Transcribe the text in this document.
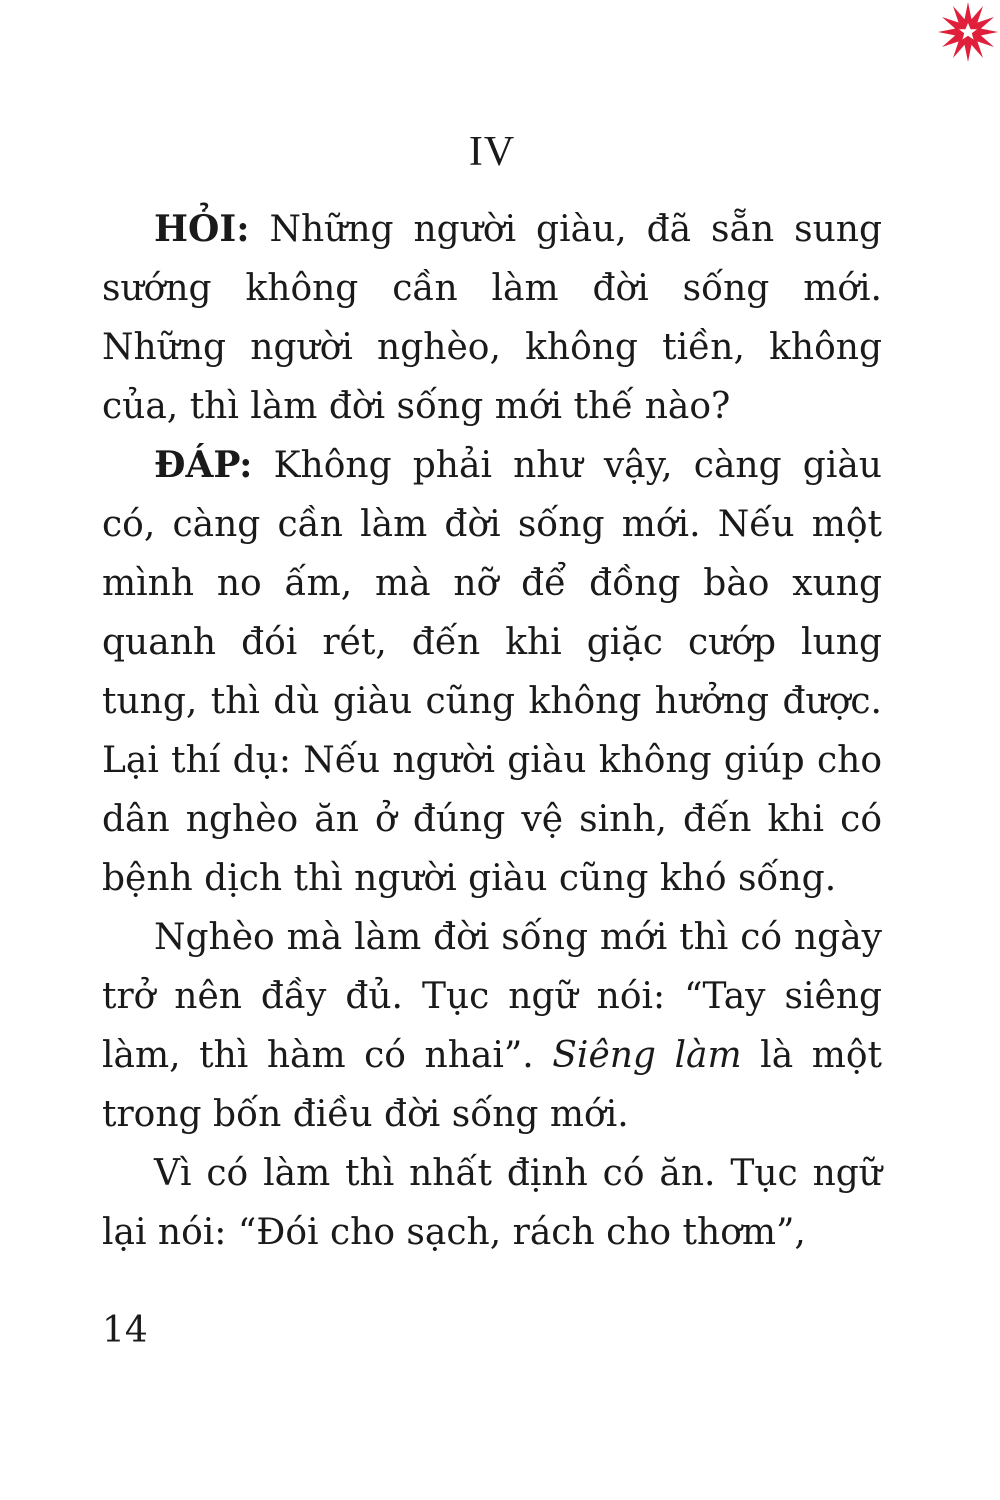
IV

HỎI: Những người giàu, đã sẵn sung sướng không cần làm đời sống mới. Những người nghèo, không tiền, không của, thì làm đời sống mới thế nào?

ĐÁP: Không phải như vậy, càng giàu có, càng cần làm đời sống mới. Nếu một mình no ấm, mà nỡ để đồng bào xung quanh đói rét, đến khi giặc cướp lung tung, thì dù giàu cũng không hưởng được. Lại thí dụ: Nếu người giàu không giúp cho dân nghèo ăn ở đúng vệ sinh, đến khi có bệnh dịch thì người giàu cũng khó sống.

Nghèo mà làm đời sống mới thì có ngày trở nên đầy đủ. Tục ngữ nói: “Tay siêng làm, thì hàm có nhai”. Siêng làm là một trong bốn điều đời sống mới.

Vì có làm thì nhất định có ăn. Tục ngữ lại nói: “Đói cho sạch, rách cho thơm”,

14
